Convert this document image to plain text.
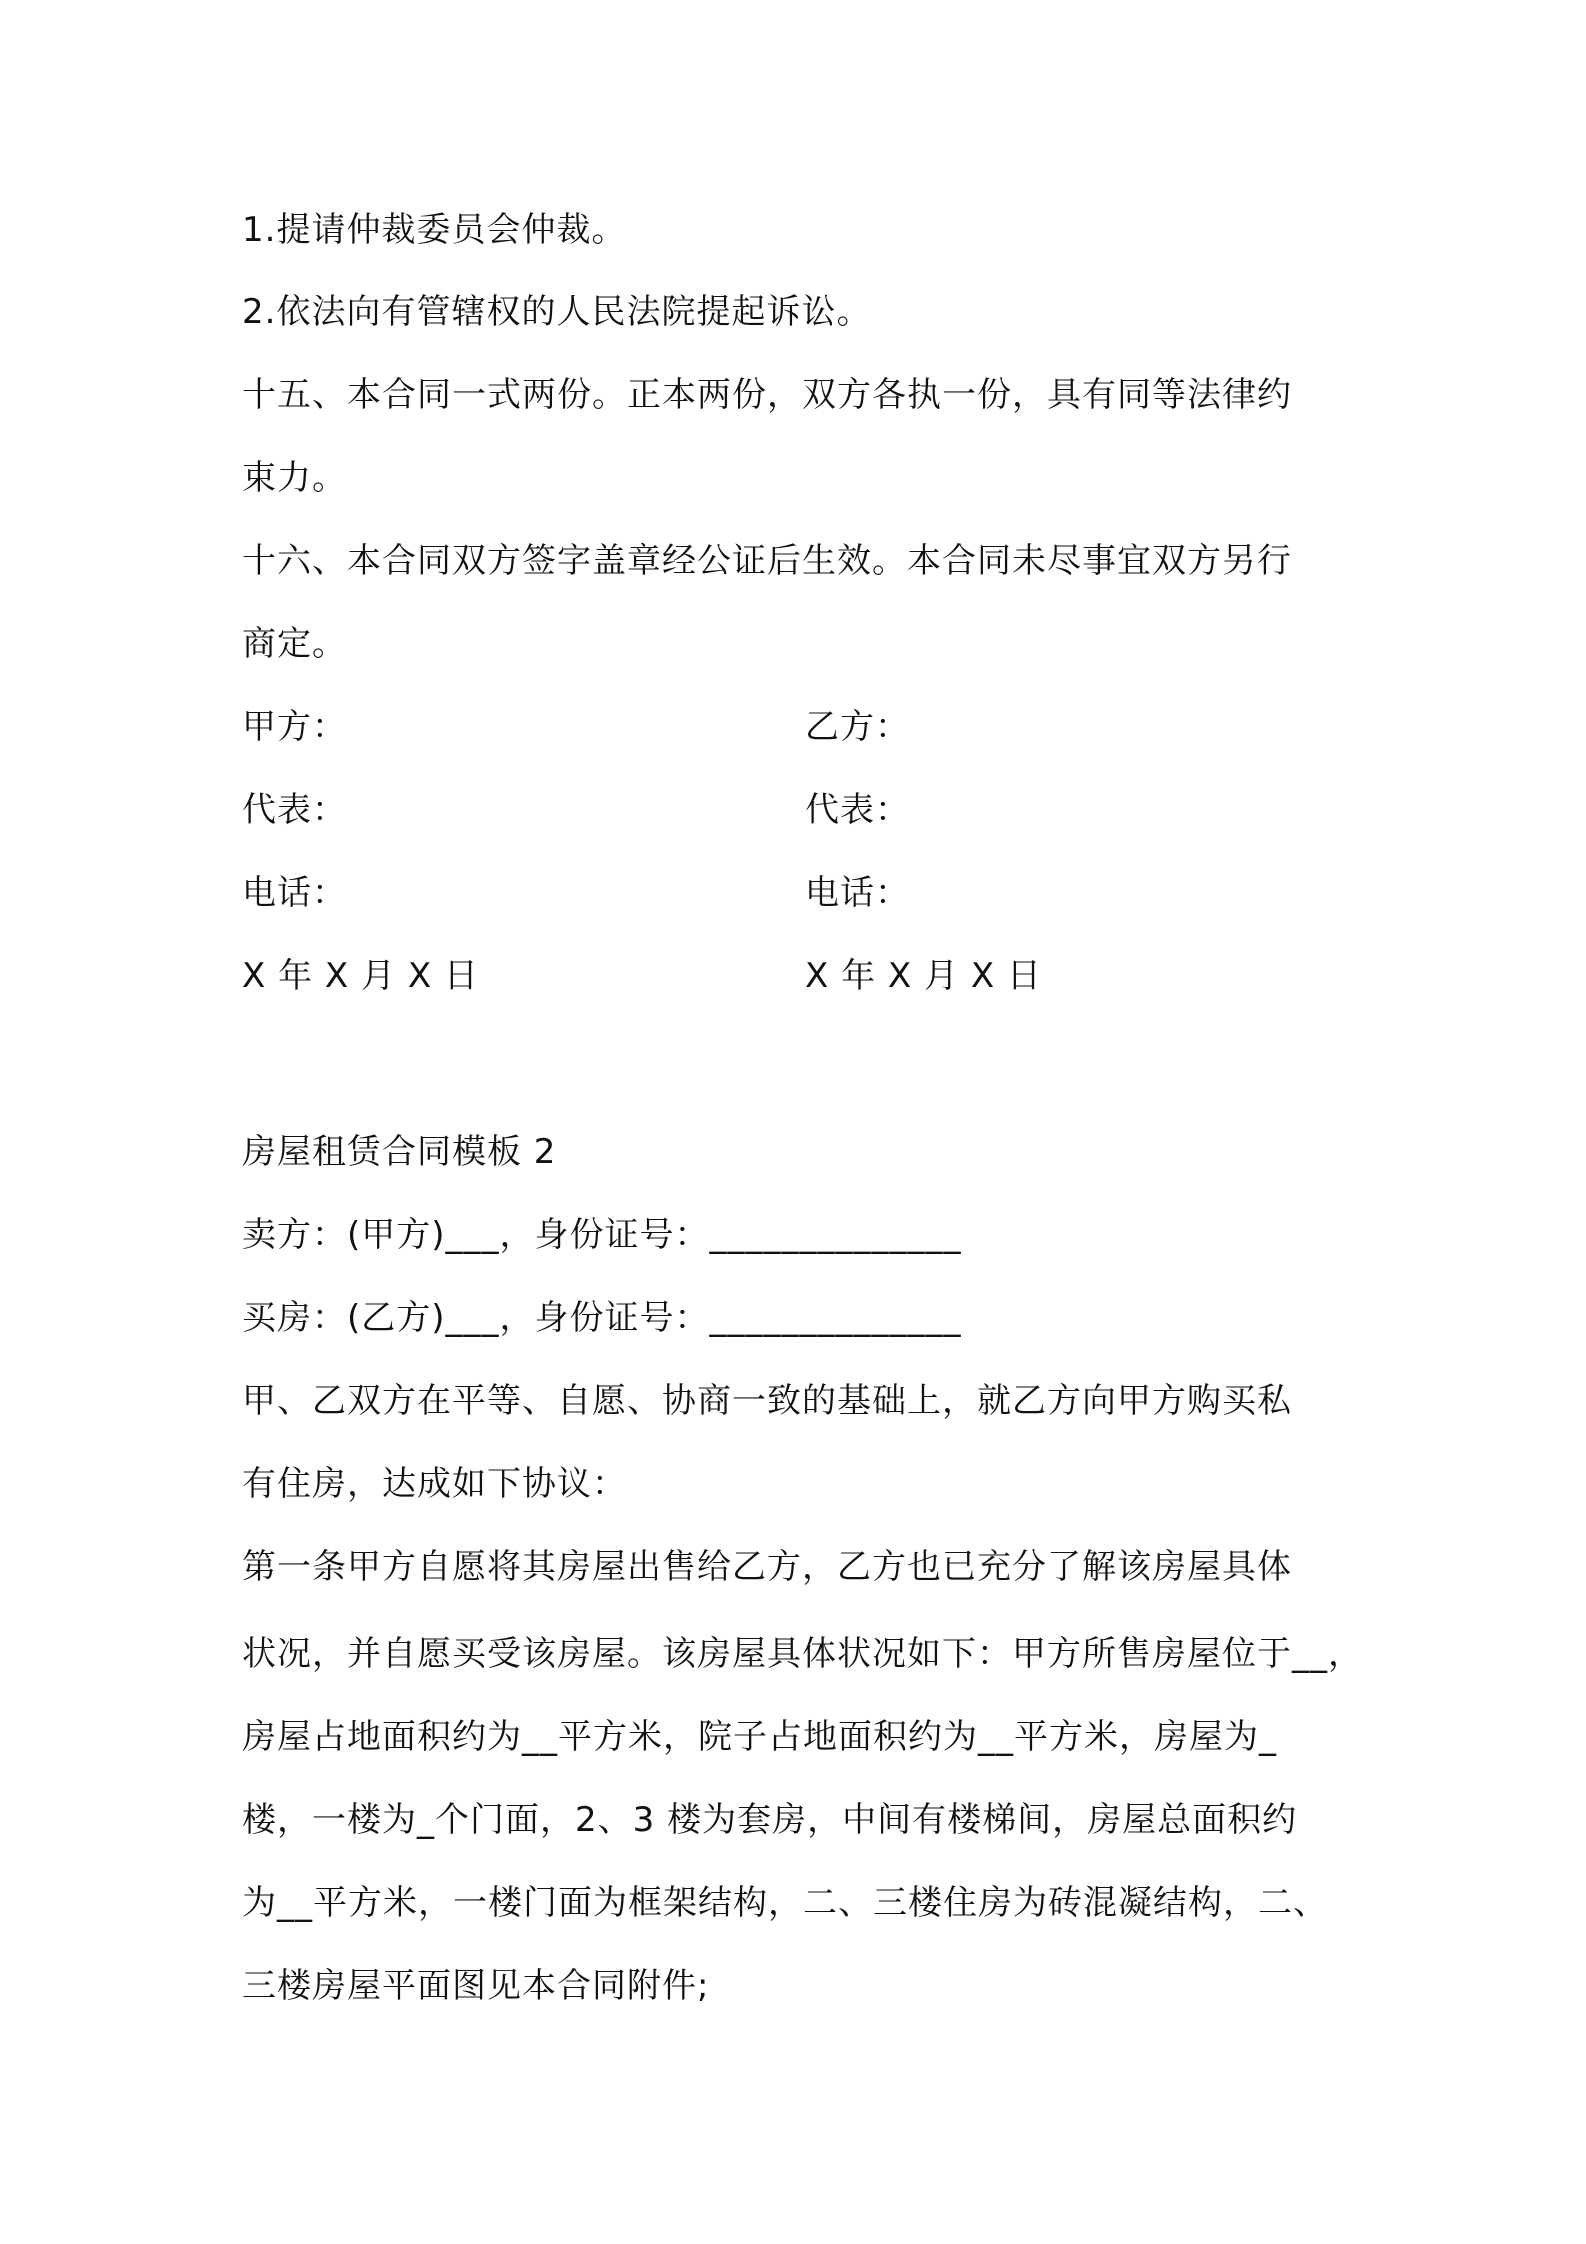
1.提请仲裁委员会仲裁。
2.依法向有管辖权的人民法院提起诉讼。
十五、本合同一式两份。正本两份，双方各执一份，具有同等法律约
束力。
十六、本合同双方签字盖章经公证后生效。本合同未尽事宜双方另行
商定。
甲方：	乙方：
代表：	代表：
电话：	电话：
X 年 X 月 X 日	X 年 X 月 X 日
房屋租赁合同模板 2
卖方：(甲方)___，身份证号：______________
买房：(乙方)___，身份证号：______________
甲、乙双方在平等、自愿、协商一致的基础上，就乙方向甲方购买私
有住房，达成如下协议：
第一条甲方自愿将其房屋出售给乙方，乙方也已充分了解该房屋具体
状况，并自愿买受该房屋。该房屋具体状况如下：甲方所售房屋位于__，
房屋占地面积约为__平方米，院子占地面积约为__平方米，房屋为_
楼，一楼为_个门面，2、3 楼为套房，中间有楼梯间，房屋总面积约
为__平方米，一楼门面为框架结构，二、三楼住房为砖混凝结构，二、
三楼房屋平面图见本合同附件;
